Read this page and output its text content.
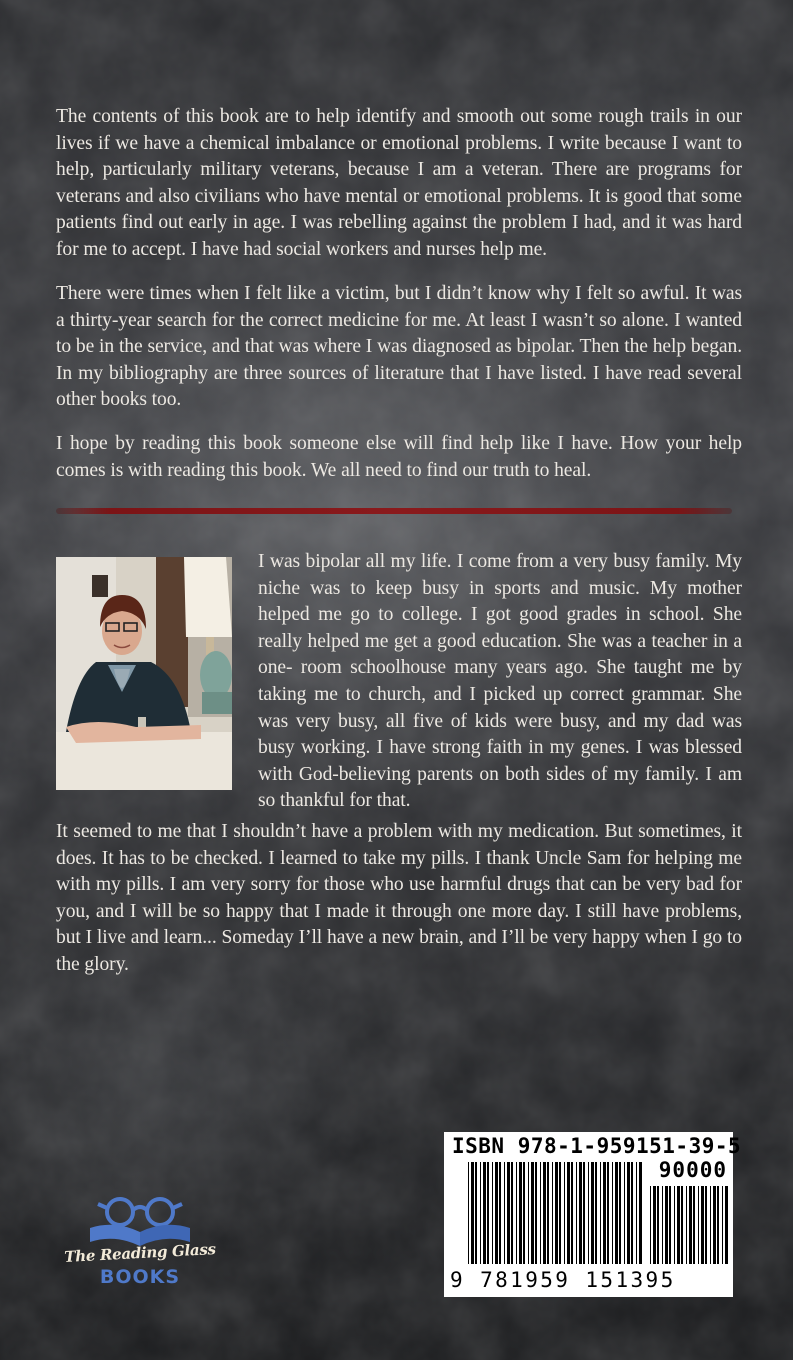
The contents of this book are to help identify and smooth out some rough trails in our lives if we have a chemical imbalance or emotional problems. I write because I want to help, particularly military veterans, because I am a veteran. There are programs for veterans and also civilians who have mental or emotional problems. It is good that some patients find out early in age. I was rebelling against the problem I had, and it was hard for me to accept. I have had social workers and nurses help me.

There were times when I felt like a victim, but I didn’t know why I felt so awful. It was a thirty-year search for the correct medicine for me. At least I wasn’t so alone. I wanted to be in the service, and that was where I was diagnosed as bipolar. Then the help began. In my bibliography are three sources of literature that I have listed. I have read several other books too.

I hope by reading this book someone else will find help like I have. How your help comes is with reading this book. We all need to find our truth to heal.

I was bipolar all my life. I come from a very busy family. My niche was to keep busy in sports and music. My mother helped me go to college. I got good grades in school. She really helped me get a good education. She was a teacher in a one- room schoolhouse many years ago. She taught me by taking me to church, and I picked up correct grammar. She was very busy, all five of kids were busy, and my dad was busy working. I have strong faith in my genes. I was blessed with God-believing parents on both sides of my family. I am so thankful for that.

It seemed to me that I shouldn’t have a problem with my medication. But sometimes, it does. It has to be checked. I learned to take my pills. I thank Uncle Sam for helping me with my pills. I am very sorry for those who use harmful drugs that can be very bad for you, and I will be so happy that I made it through one more day. I still have problems, but I live and learn... Someday I’ll have a new brain, and I’ll be very happy when I go to the glory.

The Reading Glass
BOOKS
ISBN 978-1-959151-39-5
90000
9 781959 151395
